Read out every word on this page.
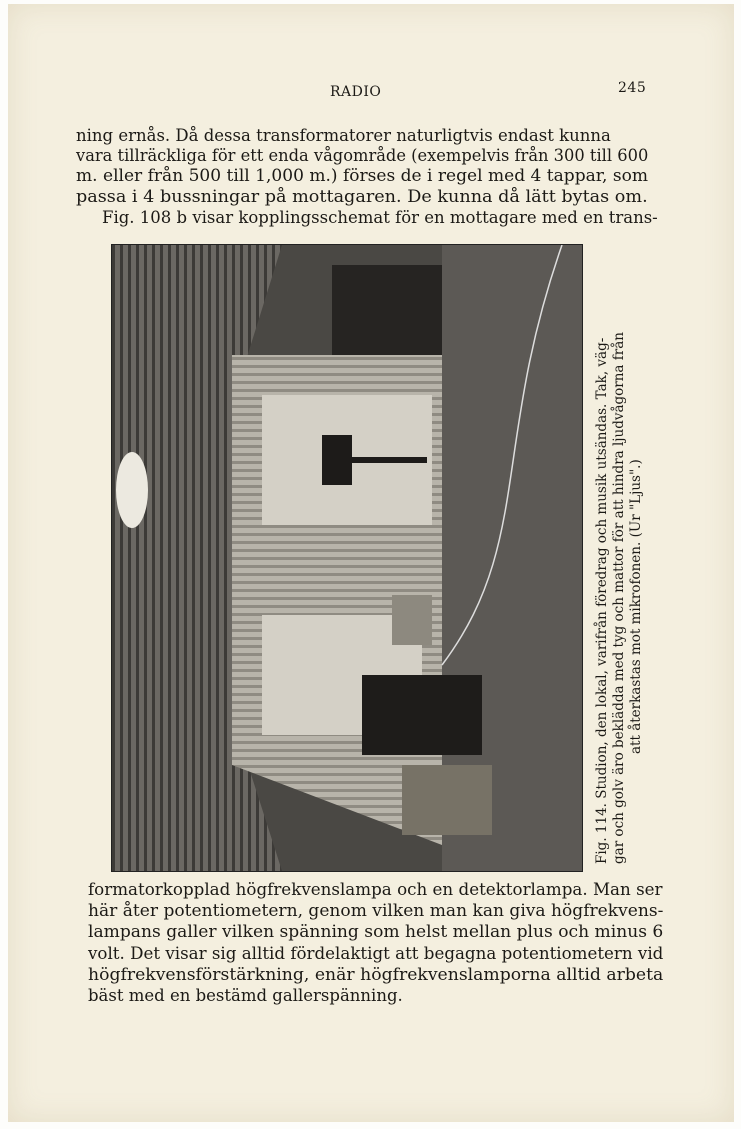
RADIO	245
ning ernås. Då dessa transformatorer naturligtvis endast kunna
vara tillräckliga för ett enda vågområde (exempelvis från 300 till 600
m. eller från 500 till 1,000 m.) förses de i regel med 4 tappar, som
passa i 4 bussningar på mottagaren. De kunna då lätt bytas om.
Fig. 108 b visar kopplingsschemat för en mottagare med en trans-
Fig. 114. Studion, den lokal, varifrån föredrag och musik utsändas. Tak, väg- gar och golv äro beklädda med tyg och mattor för att hindra ljudvågorna från att återkastas mot mikrofonen. (Ur "Ljus".)
formatorkopplad högfrekvenslampa och en detektorlampa. Man ser
här åter potentiometern, genom vilken man kan giva högfrekvens-
lampans galler vilken spänning som helst mellan plus och minus 6
volt. Det visar sig alltid fördelaktigt att begagna potentiometern vid
högfrekvensförstärkning, enär högfrekvenslamporna alltid arbeta
bäst med en bestämd gallerspänning.
